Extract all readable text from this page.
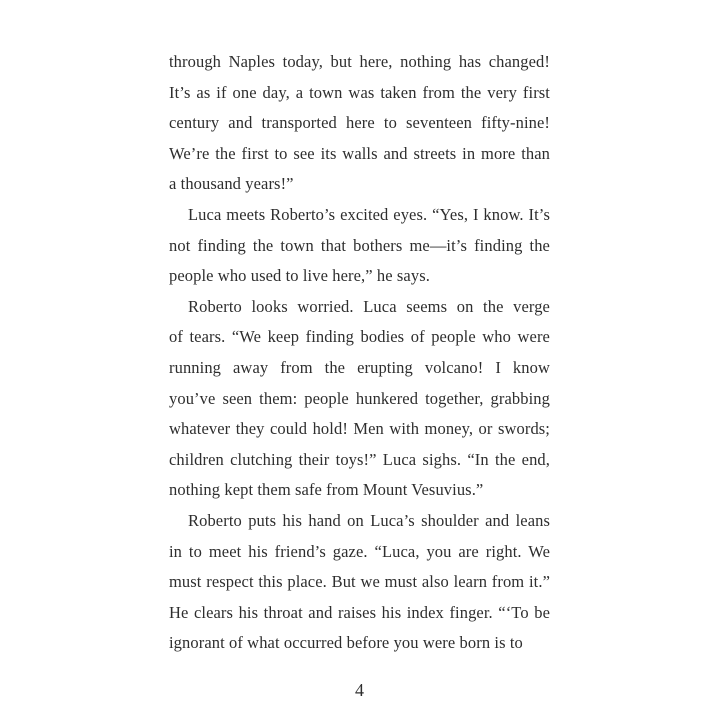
through Naples today, but here, nothing has changed!
It’s as if one day, a town was taken from the very first
century and transported here to seventeen fifty-nine!
We’re the first to see its walls and streets in more than
a thousand years!”

Luca meets Roberto’s excited eyes. “Yes, I know. It’s
not finding the town that bothers me—it’s finding the
people who used to live here,” he says.

Roberto looks worried. Luca seems on the verge
of tears. “We keep finding bodies of people who were
running away from the erupting volcano! I know
you’ve seen them: people hunkered together, grabbing
whatever they could hold! Men with money, or swords;
children clutching their toys!” Luca sighs. “In the end,
nothing kept them safe from Mount Vesuvius.”

Roberto puts his hand on Luca’s shoulder and leans
in to meet his friend’s gaze. “Luca, you are right. We
must respect this place. But we must also learn from it.”
He clears his throat and raises his index finger. “‘To be
ignorant of what occurred before you were born is to

4
